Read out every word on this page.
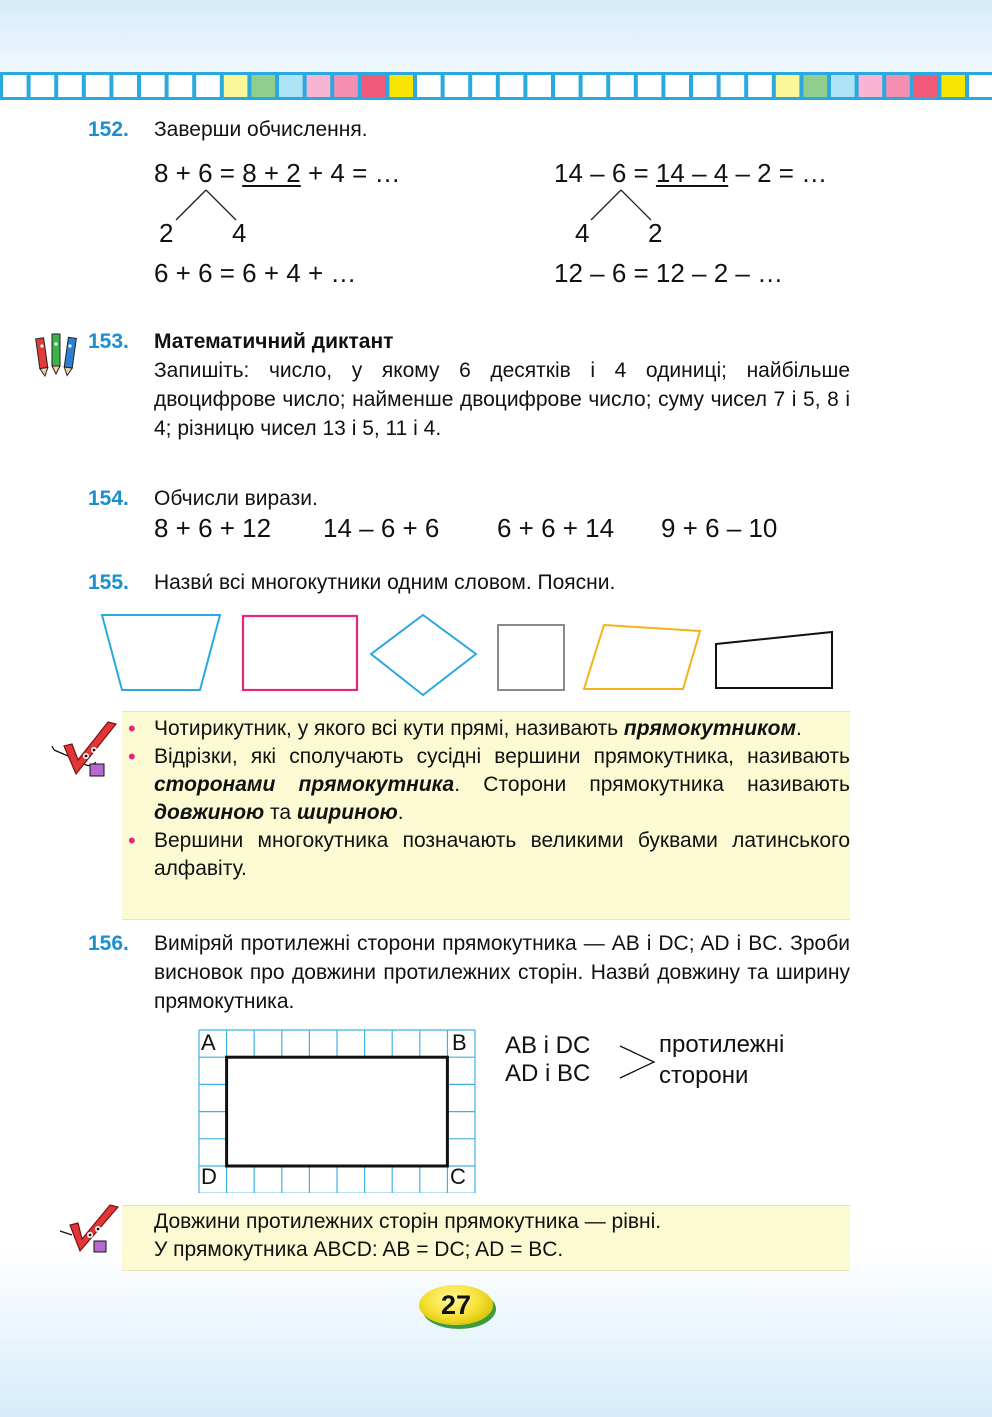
152. Заверши обчислення.
8 + 6 = 8 + 2 + 4 = …
2 4
6 + 6 = 6 + 4 + …
14 – 6 = 14 – 4 – 2 = …
4 2
12 – 6 = 12 – 2 – …
153. Математичний диктант
Запишіть: число, у якому 6 десятків і 4 одиниці; найбільше двоцифрове число; найменше двоцифрове число; суму чисел 7 і 5, 8 і 4; різницю чисел 13 і 5, 11 і 4.
154. Обчисли вирази.
8 + 6 + 12 14 – 6 + 6 6 + 6 + 14 9 + 6 – 10
155. Назви́ всі многокутники одним словом. Поясни.
• Чотирикутник, у якого всі кути прямі, називають прямокутником.
• Відрізки, які сполучають сусідні вершини прямокутника, називають сторонами прямокутника. Сторони прямокутника називають довжиною та шириною.
• Вершини многокутника позначають великими буквами латинського алфавіту.
156. Виміряй протилежні сторони прямокутника — AB і DC; AD і BC. Зроби висновок про довжини протилежних сторін. Назви́ довжину та ширину прямокутника.
A	B
D	C
AB і DC
AD і BC
протилежні
сторони
Довжини протилежних сторін прямокутника — рівні.
У прямокутника ABCD: AB = DC; AD = BC.
27
